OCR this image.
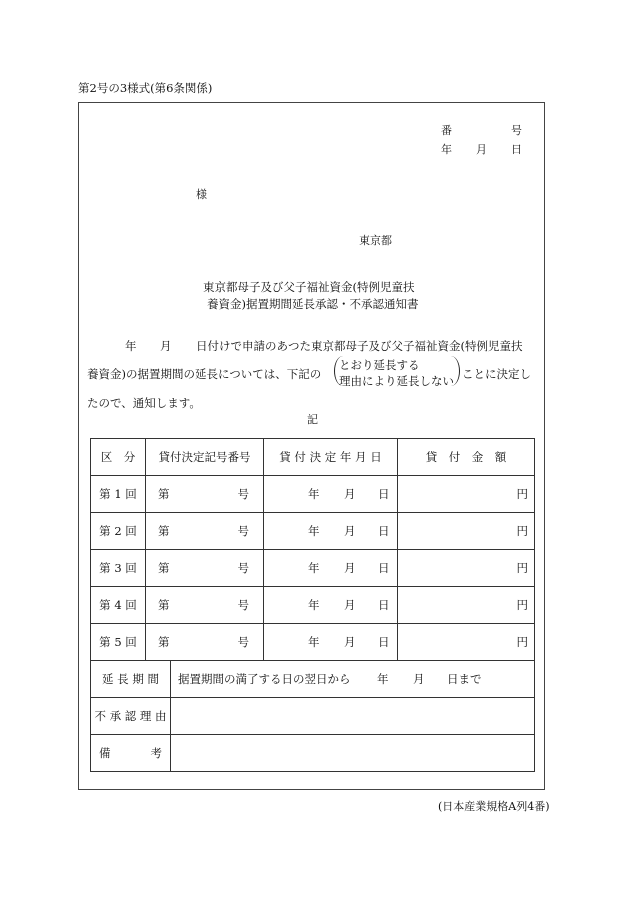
第2号の3様式(第6条関係)
番	号
年 月 日
様
東京都
東京都母子及び父子福祉資金(特例児童扶
養資金)据置期間延長承認・不承認通知書
年 月 日付けで申請のあつた東京都母子及び父子福祉資金(特例児童扶
養資金)の据置期間の延長については、下記の
とおり延長する
理由により延長しない ことに決定し
たので、通知します。
記
区　分	貸付決定記号番号		貸 付 決 定 年 月 日	貸　付　金　額
第 1 回	第 号		年 月 日	円
第 2 回	第 号		年 月 日	円
第 3 回	第 号		年 月 日	円
第 4 回	第 号		年 月 日	円
第 5 回	第 号		年 月 日	円
延 長 期 間		据置期間の満了する日の翌日から 年 月 日まで		

不 承 認 理 由				

備 考				

(日本産業規格A列4番)
